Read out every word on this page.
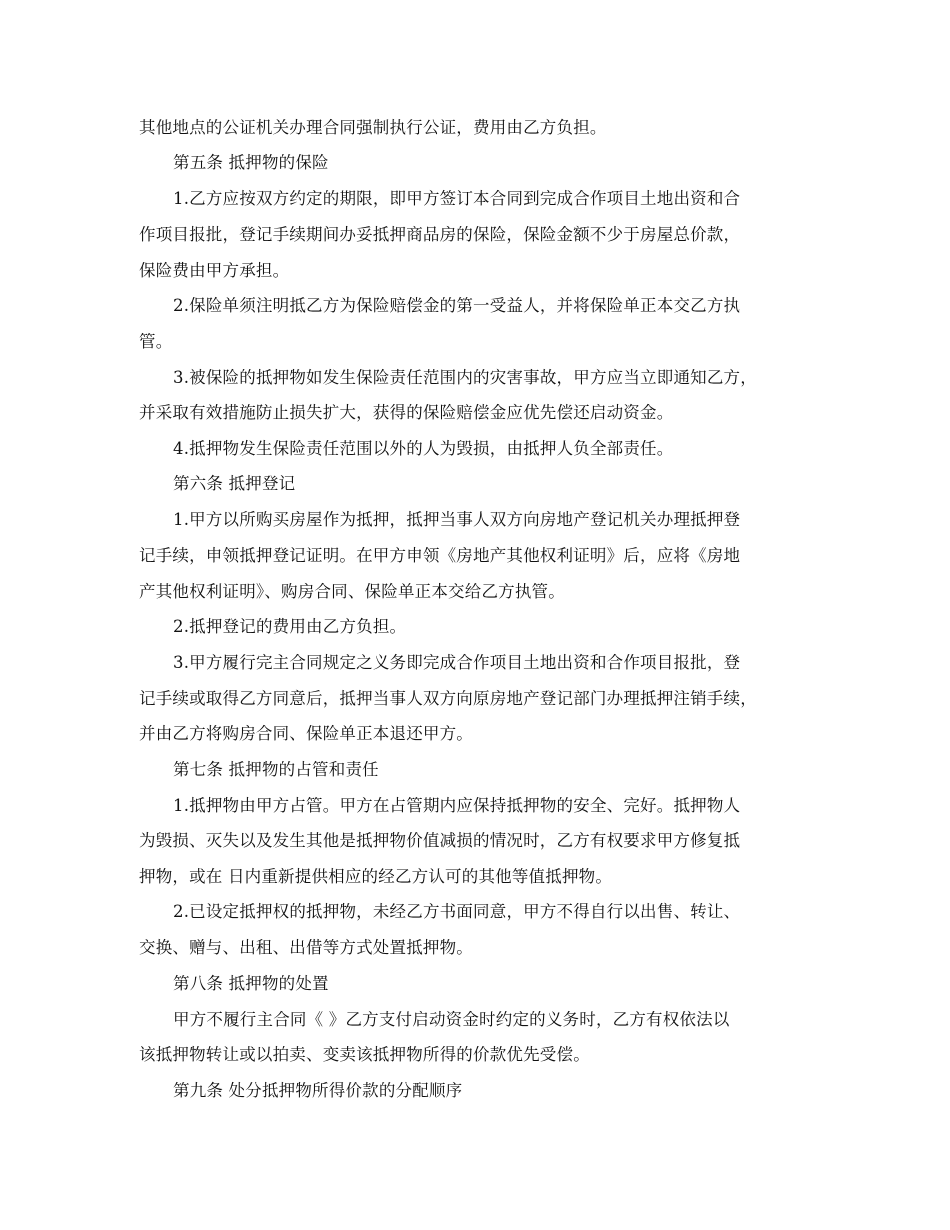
其他地点的公证机关办理合同强制执行公证，费用由乙方负担。
第五条 抵押物的保险
1.乙方应按双方约定的期限，即甲方签订本合同到完成合作项目土地出资和合
作项目报批，登记手续期间办妥抵押商品房的保险，保险金额不少于房屋总价款，
保险费由甲方承担。
2.保险单须注明抵乙方为保险赔偿金的第一受益人，并将保险单正本交乙方执
管。
3.被保险的抵押物如发生保险责任范围内的灾害事故，甲方应当立即通知乙方，
并采取有效措施防止损失扩大，获得的保险赔偿金应优先偿还启动资金。
4.抵押物发生保险责任范围以外的人为毁损，由抵押人负全部责任。
第六条 抵押登记
1.甲方以所购买房屋作为抵押，抵押当事人双方向房地产登记机关办理抵押登
记手续，申领抵押登记证明。在甲方申领《房地产其他权利证明》后，应将《房地
产其他权利证明》、购房合同、保险单正本交给乙方执管。
2.抵押登记的费用由乙方负担。
3.甲方履行完主合同规定之义务即完成合作项目土地出资和合作项目报批，登
记手续或取得乙方同意后，抵押当事人双方向原房地产登记部门办理抵押注销手续，
并由乙方将购房合同、保险单正本退还甲方。
第七条 抵押物的占管和责任
1.抵押物由甲方占管。甲方在占管期内应保持抵押物的安全、完好。抵押物人
为毁损、灭失以及发生其他是抵押物价值减损的情况时，乙方有权要求甲方修复抵
押物，或在 日内重新提供相应的经乙方认可的其他等值抵押物。
2.已设定抵押权的抵押物，未经乙方书面同意，甲方不得自行以出售、转让、
交换、赠与、出租、出借等方式处置抵押物。
第八条 抵押物的处置
甲方不履行主合同《 》乙方支付启动资金时约定的义务时，乙方有权依法以
该抵押物转让或以拍卖、变卖该抵押物所得的价款优先受偿。
第九条 处分抵押物所得价款的分配顺序
